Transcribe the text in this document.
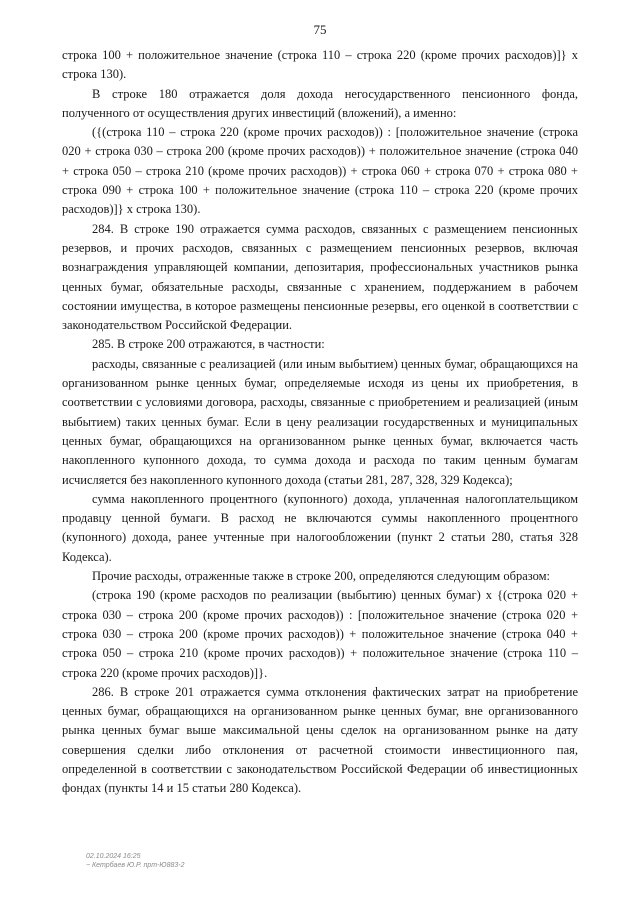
75

строка 100 + положительное значение (строка 110 – строка 220 (кроме прочих расходов)]} x строка 130).

В строке 180 отражается доля дохода негосударственного пенсионного фонда, полученного от осуществления других инвестиций (вложений), а именно:

({(строка 110 – строка 220 (кроме прочих расходов)) : [положительное значение (строка 020 + строка 030 – строка 200 (кроме прочих расходов)) + положительное значение (строка 040 + строка 050 – строка 210 (кроме прочих расходов)) + строка 060 + строка 070 + строка 080 + строка 090 + строка 100 + положительное значение (строка 110 – строка 220 (кроме прочих расходов)]} x строка 130).

284. В строке 190 отражается сумма расходов, связанных с размещением пенсионных резервов, и прочих расходов, связанных с размещением пенсионных резервов, включая вознаграждения управляющей компании, депозитария, профессиональных участников рынка ценных бумаг, обязательные расходы, связанные с хранением, поддержанием в рабочем состоянии имущества, в которое размещены пенсионные резервы, его оценкой в соответствии с законодательством Российской Федерации.

285. В строке 200 отражаются, в частности:

расходы, связанные с реализацией (или иным выбытием) ценных бумаг, обращающихся на организованном рынке ценных бумаг, определяемые исходя из цены их приобретения, в соответствии с условиями договора, расходы, связанные с приобретением и реализацией (иным выбытием) таких ценных бумаг. Если в цену реализации государственных и муниципальных ценных бумаг, обращающихся на организованном рынке ценных бумаг, включается часть накопленного купонного дохода, то сумма дохода и расхода по таким ценным бумагам исчисляется без накопленного купонного дохода (статьи 281, 287, 328, 329 Кодекса);

сумма накопленного процентного (купонного) дохода, уплаченная налогоплательщиком продавцу ценной бумаги. В расход не включаются суммы накопленного процентного (купонного) дохода, ранее учтенные при налогообложении (пункт 2 статьи 280, статья 328 Кодекса).

Прочие расходы, отраженные также в строке 200, определяются следующим образом:

(строка 190 (кроме расходов по реализации (выбытию) ценных бумаг) x {(строка 020 + строка 030 – строка 200 (кроме прочих расходов)) : [положительное значение (строка 020 + строка 030 – строка 200 (кроме прочих расходов)) + положительное значение (строка 040 + строка 050 – строка 210 (кроме прочих расходов)) + положительное значение (строка 110 – строка 220 (кроме прочих расходов)]}.

286. В строке 201 отражается сумма отклонения фактических затрат на приобретение ценных бумаг, обращающихся на организованном рынке ценных бумаг, вне организованного рынка ценных бумаг выше максимальной цены сделок на организованном рынке на дату совершения сделки либо отклонения от расчетной стоимости инвестиционного пая, определенной в соответствии с законодательством Российской Федерации об инвестиционных фондах (пункты 14 и 15 статьи 280 Кодекса).

02.10.2024 16:25
~ Кетрбаев Ю.Р. прт-Ю883-2
